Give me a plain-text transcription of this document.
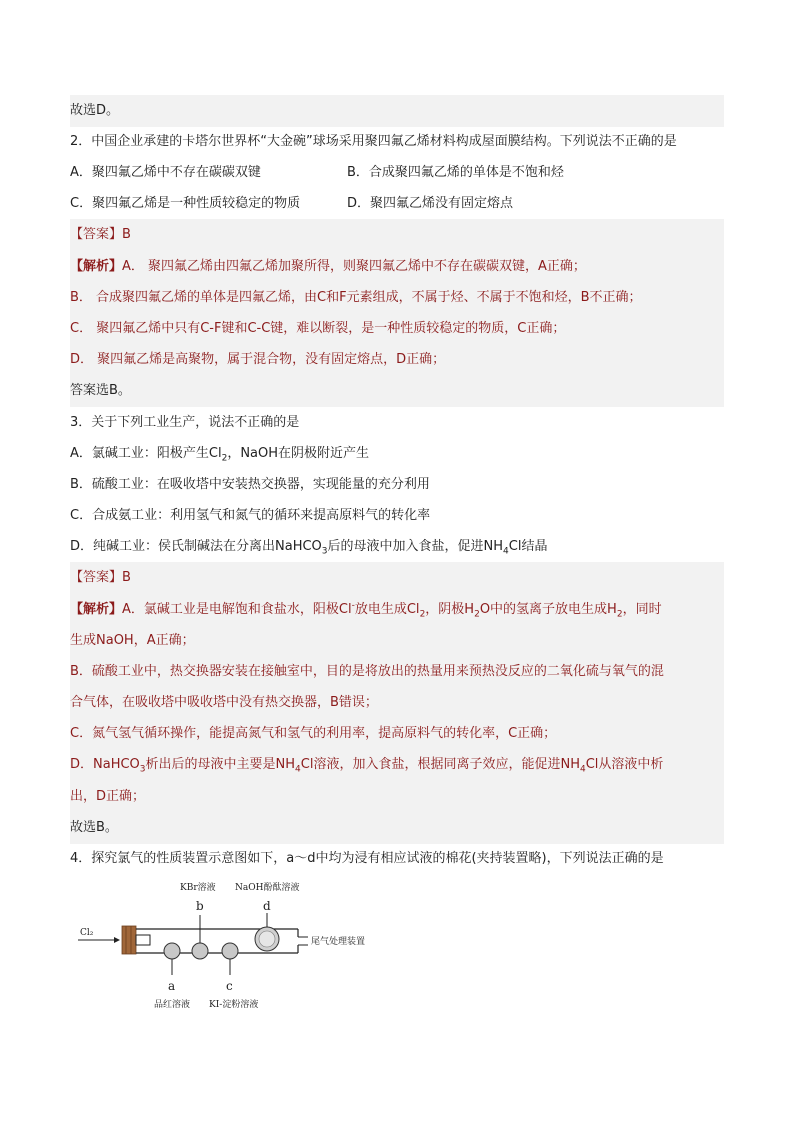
故选D。
2．中国企业承建的卡塔尔世界杯“大金碗”球场采用聚四氟乙烯材料构成屋面膜结构。下列说法不正确的是
A．聚四氟乙烯中不存在碳碳双键	B．合成聚四氟乙烯的单体是不饱和烃
C．聚四氟乙烯是一种性质较稳定的物质	D．聚四氟乙烯没有固定熔点
【答案】B
【解析】A． 聚四氟乙烯由四氟乙烯加聚所得，则聚四氟乙烯中不存在碳碳双键，A正确；
B． 合成聚四氟乙烯的单体是四氟乙烯，由C和F元素组成，不属于烃、不属于不饱和烃，B不正确；
C． 聚四氟乙烯中只有C-F键和C-C键，难以断裂，是一种性质较稳定的物质，C正确；
D． 聚四氟乙烯是高聚物，属于混合物，没有固定熔点，D正确；
答案选B。
3．关于下列工业生产，说法不正确的是
A．氯碱工业：阳极产生$Cl_2$，NaOH在阴极附近产生
B．硫酸工业：在吸收塔中安装热交换器，实现能量的充分利用
C．合成氨工业：利用氢气和氮气的循环来提高原料气的转化率
D．纯碱工业：侯氏制碱法在分离出NaHCO$_3$后的母液中加入食盐，促进$NH_4Cl$结晶
【答案】B
【解析】A．氯碱工业是电解饱和食盐水，阳极Cl-放电生成$Cl_2$，阴极$H_2O$中的氢离子放电生成$H_2$，同时
生成NaOH，A正确；
B．硫酸工业中，热交换器安装在接触室中，目的是将放出的热量用来预热没反应的二氧化硫与氧气的混
合气体，在吸收塔中吸收塔中没有热交换器，B错误；
C．氮气氢气循环操作，能提高氮气和氢气的利用率，提高原料气的转化率，C正确；
D．NaHCO$_3$析出后的母液中主要是$NH_4Cl$溶液，加入食盐，根据同离子效应，能促进$NH_4Cl$从溶液中析
出，D正确；
故选B。
4．探究氯气的性质装置示意图如下，a～d中均为浸有相应试液的棉花(夹持装置略)，下列说法正确的是
Cl₂
尾气处理装置
KBr溶液 NaOH酚酞溶液
b	d
a	c
品红溶液 KI-淀粉溶液
